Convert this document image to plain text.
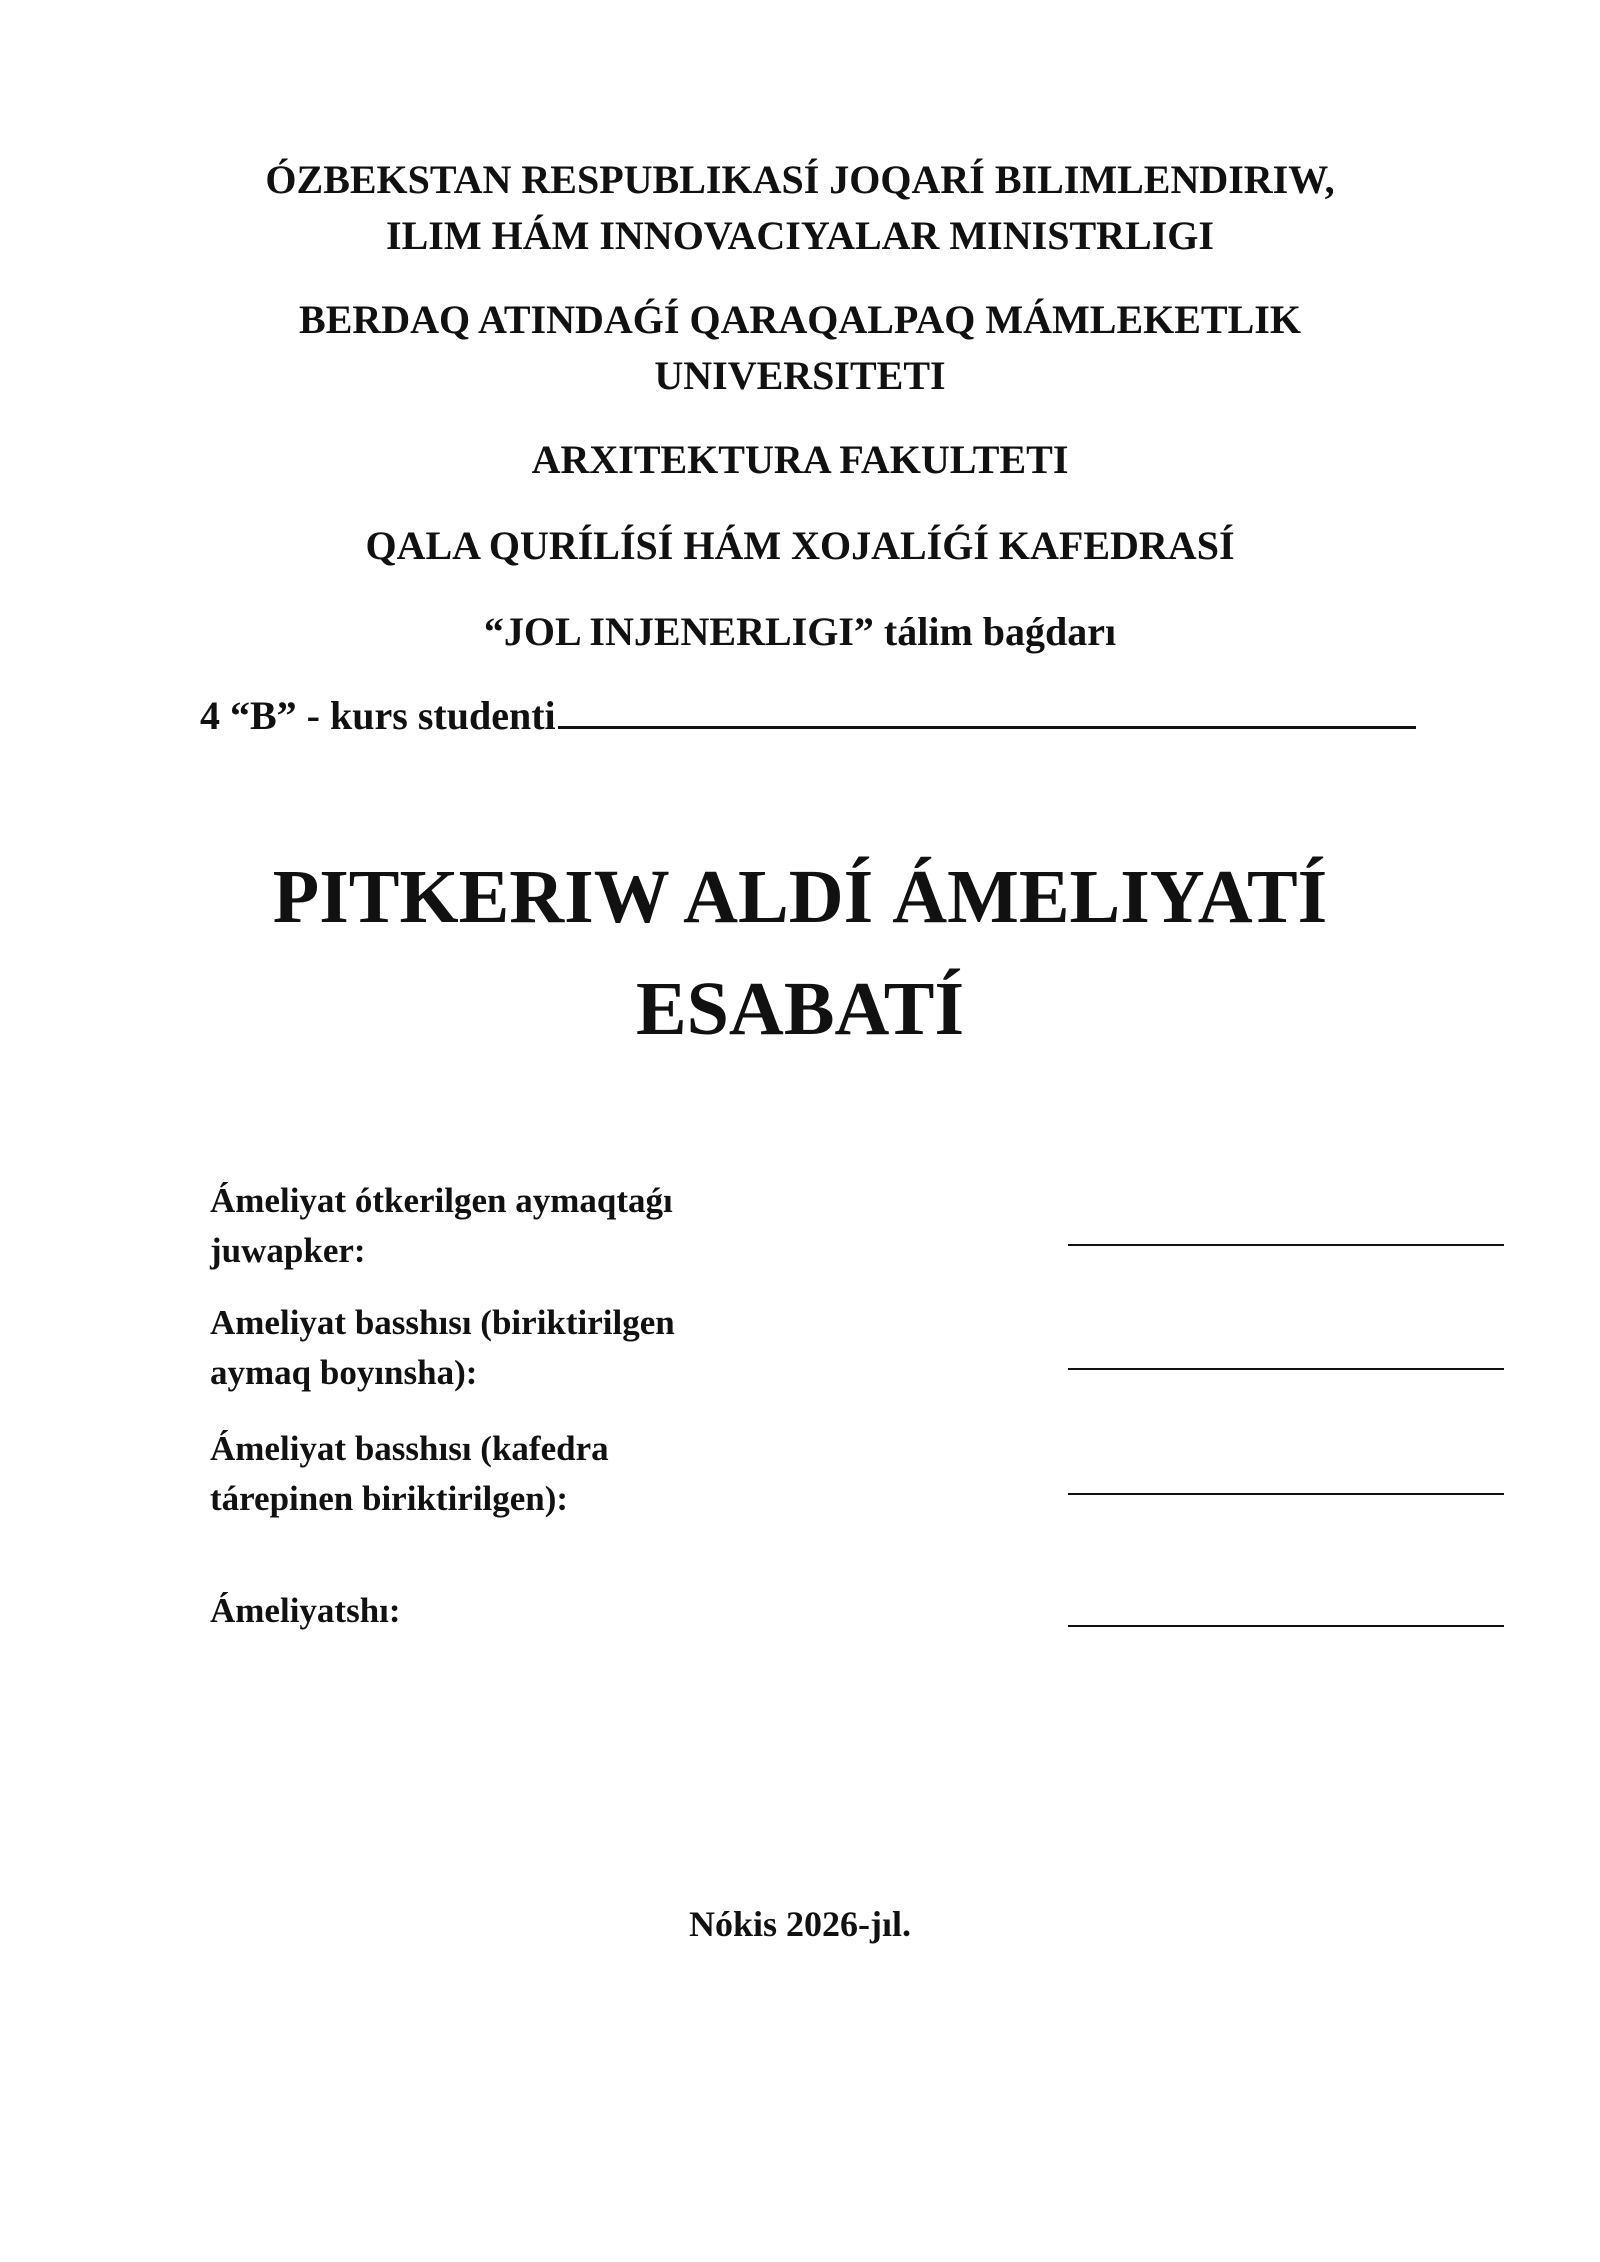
ÓZBEKSTAN RESPUBLIKASÍ JOQARÍ BILIMLENDIRIW,
ILIM HÁM INNOVACIYALAR MINISTRLIGI
BERDAQ ATINDAǴÍ QARAQALPAQ MÁMLEKETLIK
UNIVERSITETI
ARXITEKTURA FAKULTETI
QALA QURÍLÍSÍ HÁM XOJALÍǴÍ KAFEDRASÍ
“JOL INJENERLIGI” tálim baǵdarı
4 “B” - kurs studenti
PITKERIW ALDÍ ÁMELIYATÍ
ESABATÍ
Ámeliyat ótkerilgen aymaqtaǵı
juwapker:
Ameliyat basshısı (biriktirilgen
aymaq boyınsha):
Ámeliyat basshısı (kafedra
tárepinen biriktirilgen):
Ámeliyatshı:
Nókis 2026-jıl.
